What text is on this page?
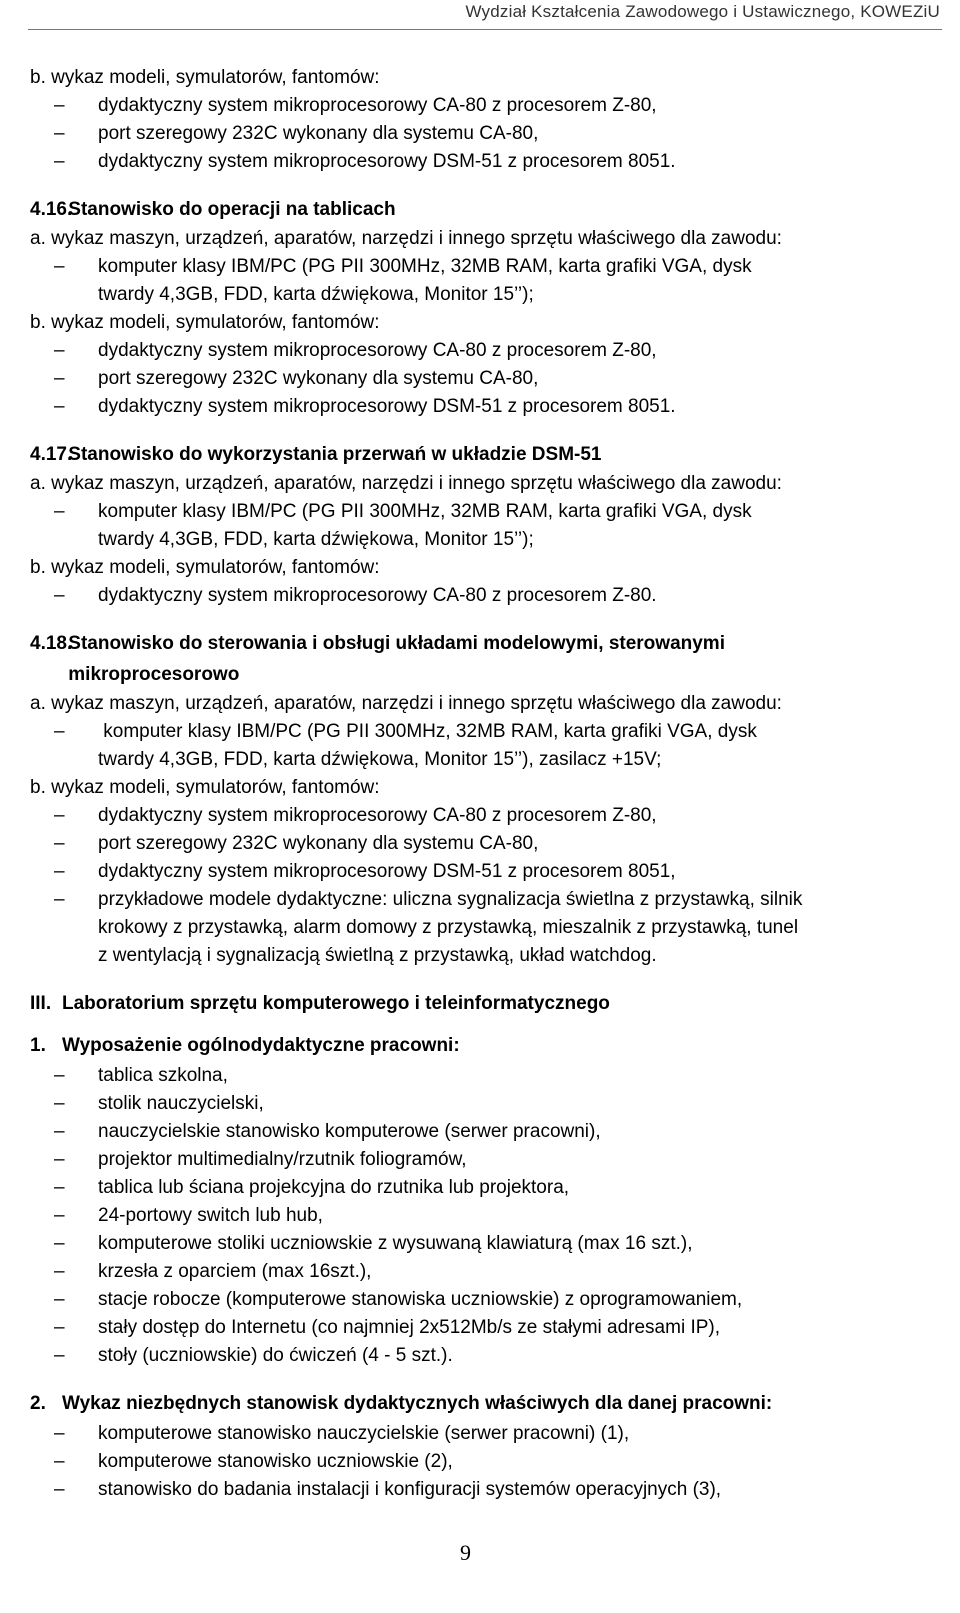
Wydział Kształcenia Zawodowego i Ustawicznego, KOWEZiU
b. wykaz modeli, symulatorów, fantomów:
– dydaktyczny system mikroprocesorowy CA-80 z procesorem Z-80,
– port szeregowy 232C wykonany dla systemu CA-80,
– dydaktyczny system mikroprocesorowy DSM-51 z procesorem 8051.
4.16. Stanowisko do operacji na tablicach
a. wykaz maszyn, urządzeń, aparatów, narzędzi i innego sprzętu właściwego dla zawodu:
– komputer klasy IBM/PC (PG PII 300MHz, 32MB RAM, karta grafiki VGA, dysk
twardy 4,3GB, FDD, karta dźwiękowa, Monitor 15’’);
b. wykaz modeli, symulatorów, fantomów:
– dydaktyczny system mikroprocesorowy CA-80 z procesorem Z-80,
– port szeregowy 232C wykonany dla systemu CA-80,
– dydaktyczny system mikroprocesorowy DSM-51 z procesorem 8051.
4.17. Stanowisko do wykorzystania przerwań w układzie DSM-51
a. wykaz maszyn, urządzeń, aparatów, narzędzi i innego sprzętu właściwego dla zawodu:
– komputer klasy IBM/PC (PG PII 300MHz, 32MB RAM, karta grafiki VGA, dysk
twardy 4,3GB, FDD, karta dźwiękowa, Monitor 15’’);
b. wykaz modeli, symulatorów, fantomów:
– dydaktyczny system mikroprocesorowy CA-80 z procesorem Z-80.
4.18. Stanowisko do sterowania i obsługi układami modelowymi, sterowanymi
mikroprocesorowo
a. wykaz maszyn, urządzeń, aparatów, narzędzi i innego sprzętu właściwego dla zawodu:
– komputer klasy IBM/PC (PG PII 300MHz, 32MB RAM, karta grafiki VGA, dysk
twardy 4,3GB, FDD, karta dźwiękowa, Monitor 15’’), zasilacz +15V;
b. wykaz modeli, symulatorów, fantomów:
– dydaktyczny system mikroprocesorowy CA-80 z procesorem Z-80,
– port szeregowy 232C wykonany dla systemu CA-80,
– dydaktyczny system mikroprocesorowy DSM-51 z procesorem 8051,
– przykładowe modele dydaktyczne: uliczna sygnalizacja świetlna z przystawką, silnik
krokowy z przystawką, alarm domowy z przystawką, mieszalnik z przystawką, tunel
z wentylacją i sygnalizacją świetlną z przystawką, układ watchdog.
III. Laboratorium sprzętu komputerowego i teleinformatycznego
1. Wyposażenie ogólnodydaktyczne pracowni:
– tablica szkolna,
– stolik nauczycielski,
– nauczycielskie stanowisko komputerowe (serwer pracowni),
– projektor multimedialny/rzutnik foliogramów,
– tablica lub ściana projekcyjna do rzutnika lub projektora,
– 24-portowy switch lub hub,
– komputerowe stoliki uczniowskie z wysuwaną klawiaturą (max 16 szt.),
– krzesła z oparciem (max 16szt.),
– stacje robocze (komputerowe stanowiska uczniowskie) z oprogramowaniem,
– stały dostęp do Internetu (co najmniej 2x512Mb/s ze stałymi adresami IP),
– stoły (uczniowskie) do ćwiczeń (4 - 5 szt.).
2. Wykaz niezbędnych stanowisk dydaktycznych właściwych dla danej pracowni:
– komputerowe stanowisko nauczycielskie (serwer pracowni) (1),
– komputerowe stanowisko uczniowskie (2),
– stanowisko do badania instalacji i konfiguracji systemów operacyjnych (3),
9
